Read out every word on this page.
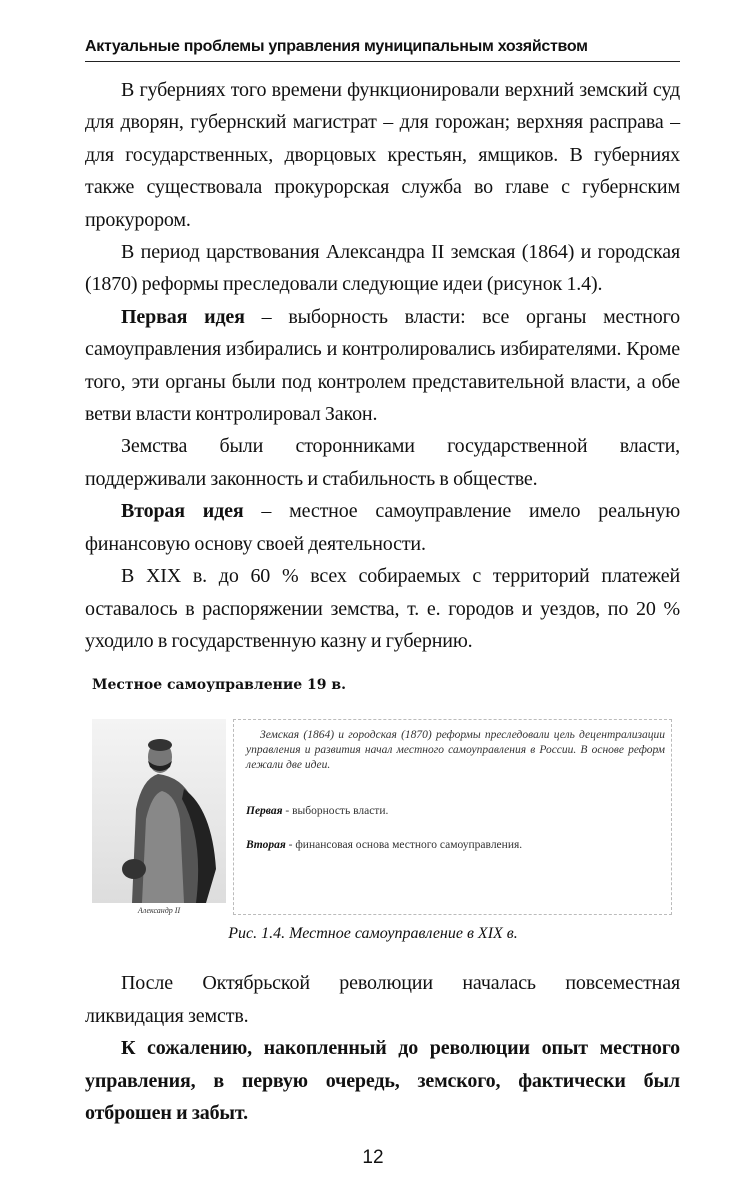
Актуальные проблемы управления муниципальным хозяйством

В губерниях того времени функционировали верхний земский суд для дворян, губернский магистрат – для горожан; верхняя расправа – для государственных, дворцовых крестьян, ямщиков. В губерниях также существовала прокурорская служба во главе с губернским прокурором.

В период царствования Александра II земская (1864) и городская (1870) реформы преследовали следующие идеи (рисунок 1.4).

Первая идея – выборность власти: все органы местного самоуправления избирались и контролировались избирателями. Кроме того, эти органы были под контролем представительной власти, а обе ветви власти контролировал Закон.

Земства были сторонниками государственной власти, поддерживали законность и стабильность в обществе.

Вторая идея – местное самоуправление имело реальную финансовую основу своей деятельности.

В XIX в. до 60 % всех собираемых с территорий платежей оставалось в распоряжении земства, т. е. городов и уездов, по 20 % уходило в государственную казну и губернию.

Местное самоуправление 19 в.
Александр II

Земская (1864) и городская (1870) реформы преследовали цель децентрализации управления и развития начал местного самоуправления в России. В основе реформ лежали две идеи.

Первая - выборность власти.

Вторая - финансовая основа местного самоуправления.

Рис. 1.4. Местное самоуправление в XIX в.

После Октябрьской революции началась повсеместная ликвидация земств.

К сожалению, накопленный до революции опыт местного управления, в первую очередь, земского, фактически был отброшен и забыт.

12
